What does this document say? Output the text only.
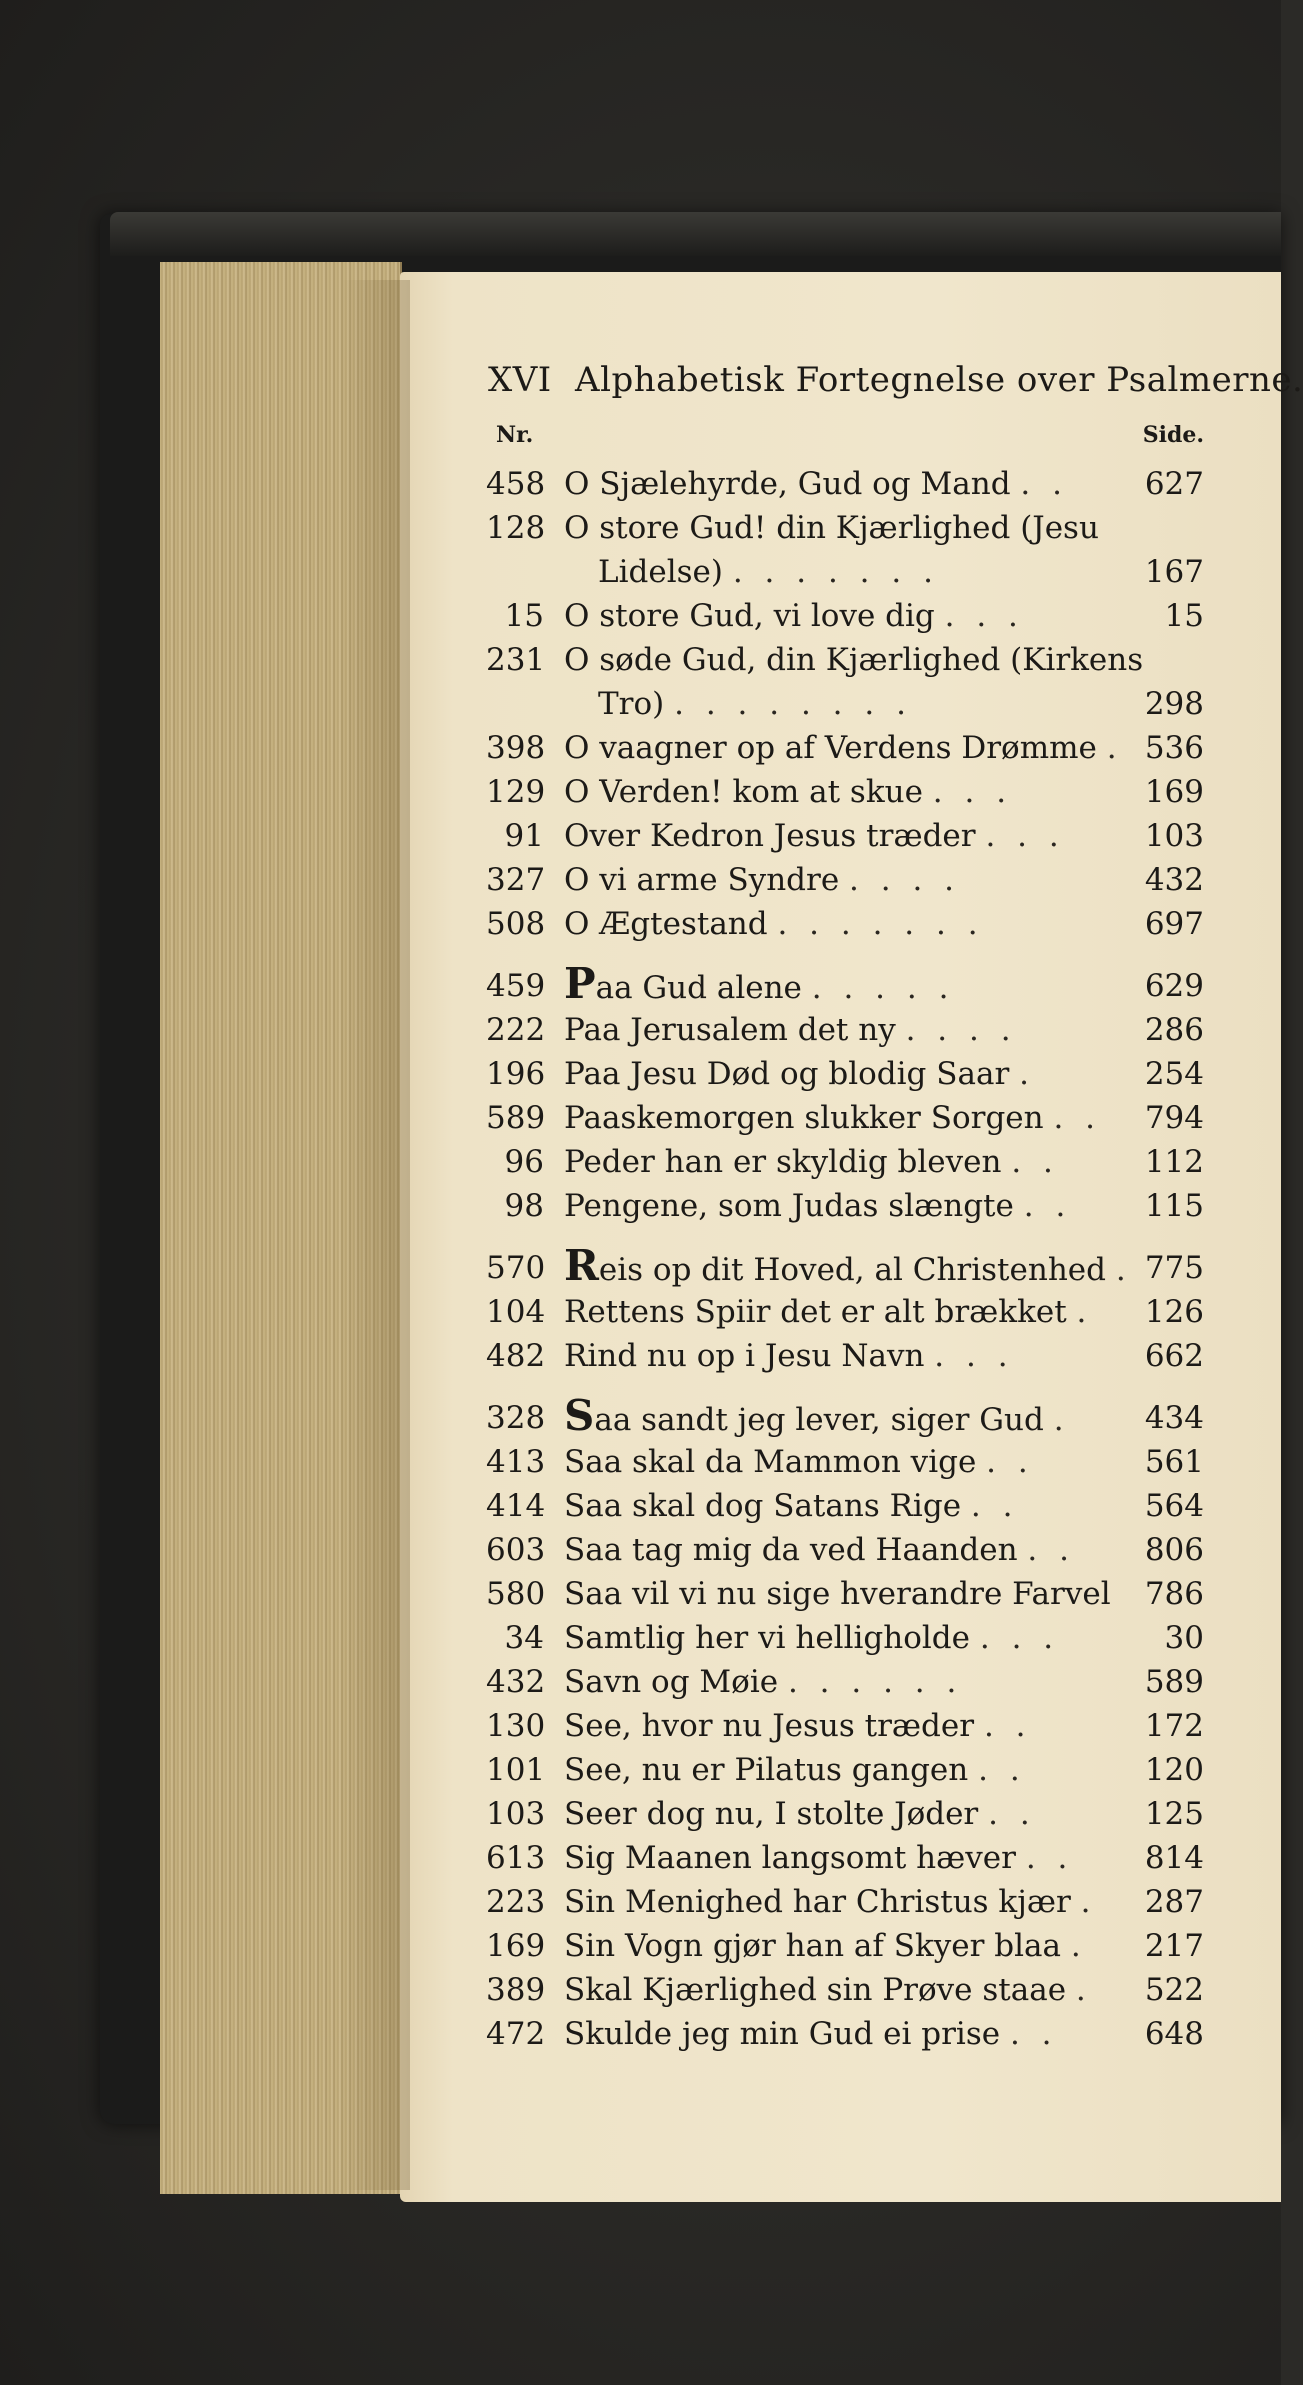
XVI Alphabetisk Fortegnelse over Psalmerne.
Nr.	Side.
458 O Sjælehyrde, Gud og Mand . .	627
128 O store Gud! din Kjærlighed (Jesu
Lidelse) . . . . . . .	167
15 O store Gud, vi love dig . . .	15
231 O søde Gud, din Kjærlighed (Kirkens
Tro) . . . . . . . .	298
398 O vaagner op af Verdens Drømme . 536
129 O Verden! kom at skue . . .	169
91 Over Kedron Jesus træder . . .	103
327 O vi arme Syndre . . . .	432
508 O Ægtestand . . . . . . .	697
459 Paa Gud alene . . . . .	629
222 Paa Jerusalem det ny . . . .	286
196 Paa Jesu Død og blodig Saar .	254
589 Paaskemorgen slukker Sorgen . .	794
96 Peder han er skyldig bleven . .	112
98 Pengene, som Judas slængte . .	115
570 Reis op dit Hoved, al Christenhed . 775
104 Rettens Spiir det er alt brækket .	126
482 Rind nu op i Jesu Navn . . .	662
328 Saa sandt jeg lever, siger Gud .	434
413 Saa skal da Mammon vige . .	561
414 Saa skal dog Satans Rige . .	564
603 Saa tag mig da ved Haanden . .	806
580 Saa vil vi nu sige hverandre Farvel	786
34 Samtlig her vi helligholde . . .	30
432 Savn og Møie . . . . . .	589
130 See, hvor nu Jesus træder . .	172
101 See, nu er Pilatus gangen . .	120
103 Seer dog nu, I stolte Jøder . .	125
613 Sig Maanen langsomt hæver . .	814
223 Sin Menighed har Christus kjær .	287
169 Sin Vogn gjør han af Skyer blaa .	217
389 Skal Kjærlighed sin Prøve staae .	522
472 Skulde jeg min Gud ei prise . .	648
